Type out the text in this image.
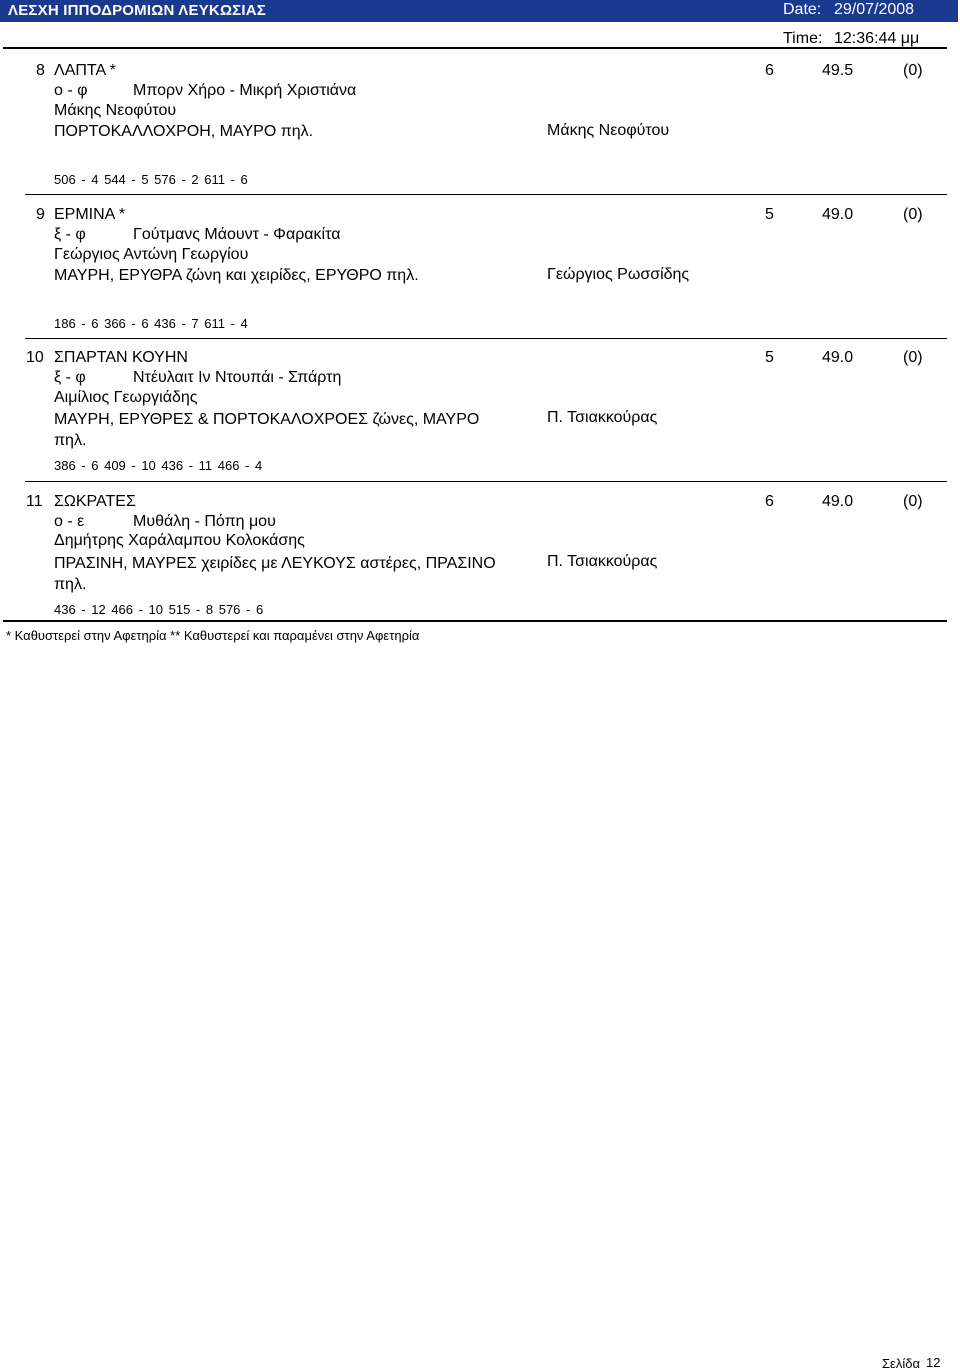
ΛΕΣΧΗ ΙΠΠΟΔΡΟΜΙΩΝ ΛΕΥΚΩΣΙΑΣ	Date: 29/07/2008
Time: 12:36:44 μμ
8 ΛΑΠΤΑ *	6	49.5	(0)
ο - φ	Μπορν Χήρο - Μικρή Χριστιάνα
Μάκης Νεοφύτου
ΠΟΡΤΟΚΑΛΛΟΧΡΟΗ, ΜΑΥΡΟ πηλ.	Μάκης Νεοφύτου
506 - 4 544 - 5 576 - 2 611 - 6
9 ΕΡΜΙΝΑ *	5	49.0	(0)
ξ - φ	Γούτμανς Μάουντ - Φαρακίτα
Γεώργιος Αντώνη Γεωργίου
ΜΑΥΡΗ, ΕΡΥΘΡΑ ζώνη και χειρίδες, ΕΡΥΘΡΟ πηλ.	Γεώργιος Ρωσσίδης
186 - 6 366 - 6 436 - 7 611 - 4
10 ΣΠΑΡΤΑΝ ΚΟΥΗΝ	5	49.0	(0)
ξ - φ	Ντέυλαιτ Ιν Ντουπάι - Σπάρτη
Αιμίλιος Γεωργιάδης
ΜΑΥΡΗ, ΕΡΥΘΡΕΣ & ΠΟΡΤΟΚΑΛΟΧΡΟΕΣ ζώνες, ΜΑΥΡΟ πηλ.
Π. Τσιακκούρας
386 - 6 409 - 10 436 - 11 466 - 4
11 ΣΩΚΡΑΤΕΣ	6	49.0	(0)
ο - ε	Μυθάλη - Πόπη μου
Δημήτρης Χαράλαμπου Κολοκάσης
ΠΡΑΣΙΝΗ, ΜΑΥΡΕΣ χειρίδες με ΛΕΥΚΟΥΣ αστέρες, ΠΡΑΣΙΝΟ πηλ.
Π. Τσιακκούρας
436 - 12 466 - 10 515 - 8 576 - 6
* Καθυστερεί στην Αφετηρία ** Καθυστερεί και παραμένει στην Αφετηρία
Σελίδα 12
